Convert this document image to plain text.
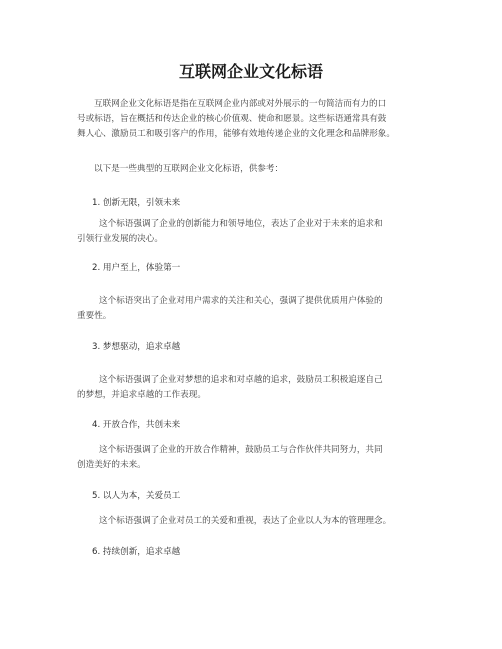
互联网企业文化标语

互联网企业文化标语是指在互联网企业内部或对外展示的一句简洁而有力的口
号或标语，旨在概括和传达企业的核心价值观、使命和愿景。这些标语通常具有鼓
舞人心、激励员工和吸引客户的作用，能够有效地传递企业的文化理念和品牌形象。

以下是一些典型的互联网企业文化标语，供参考：

1. 创新无限，引领未来

这个标语强调了企业的创新能力和领导地位，表达了企业对于未来的追求和
引领行业发展的决心。

2. 用户至上，体验第一

这个标语突出了企业对用户需求的关注和关心，强调了提供优质用户体验的
重要性。

3. 梦想驱动，追求卓越

这个标语强调了企业对梦想的追求和对卓越的追求，鼓励员工积极追逐自己
的梦想，并追求卓越的工作表现。

4. 开放合作，共创未来

这个标语强调了企业的开放合作精神，鼓励员工与合作伙伴共同努力，共同
创造美好的未来。

5. 以人为本，关爱员工

这个标语强调了企业对员工的关爱和重视，表达了企业以人为本的管理理念。

6. 持续创新，追求卓越
